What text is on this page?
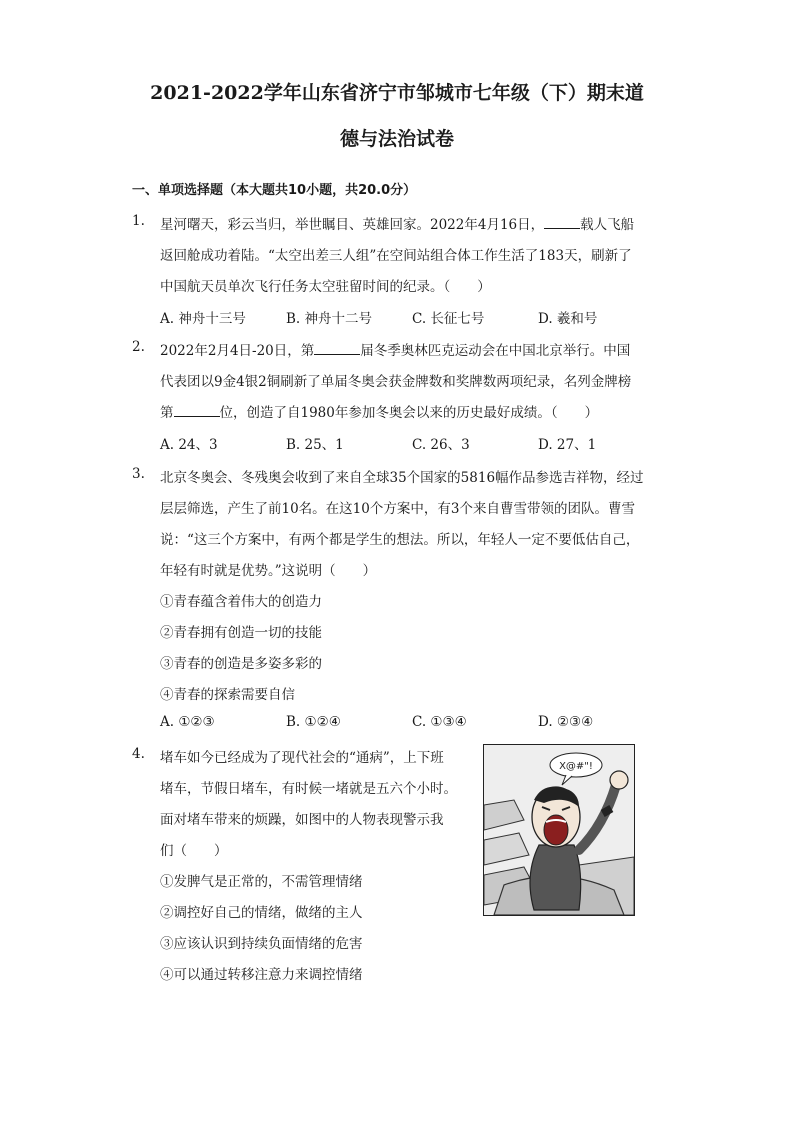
2021-2022学年山东省济宁市邹城市七年级（下）期末道
德与法治试卷
一、单项选择题（本大题共10小题，共20.0分）
1.	星河曙天，彩云当归，举世瞩目、英雄回家。2022年4月16日，	载人飞船
返回舱成功着陆。“太空出差三人组”在空间站组合体工作生活了183天，刷新了
中国航天员单次飞行任务太空驻留时间的纪录。（　　）
A. 神舟十三号	B. 神舟十二号	C. 长征七号	D. 羲和号
2.	2022年2月4日-20日，第	届冬季奥林匹克运动会在中国北京举行。中国
代表团以9金4银2铜刷新了单届冬奥会获金牌数和奖牌数两项纪录，名列金牌榜
第	位，创造了自1980年参加冬奥会以来的历史最好成绩。（　　）
A. 24、3	B. 25、1	C. 26、3	D. 27、1
3.	北京冬奥会、冬残奥会收到了来自全球35个国家的5816幅作品参选吉祥物，经过
层层筛选，产生了前10名。在这10个方案中，有3个来自曹雪带领的团队。曹雪
说：“这三个方案中，有两个都是学生的想法。所以，年轻人一定不要低估自己，
年轻有时就是优势。”这说明（　　）
①青春蕴含着伟大的创造力
②青春拥有创造一切的技能
③青春的创造是多姿多彩的
④青春的探索需要自信
A. ①②③	B. ①②④	C. ①③④	D. ②③④
4.	堵车如今已经成为了现代社会的“通病”，上下班
堵车，节假日堵车，有时候一堵就是五六个小时。
面对堵车带来的烦躁，如图中的人物表现警示我
们（　　）
①发脾气是正常的，不需管理情绪
②调控好自己的情绪，做绪的主人
③应该认识到持续负面情绪的危害
④可以通过转移注意力来调控情绪
X@#"!
